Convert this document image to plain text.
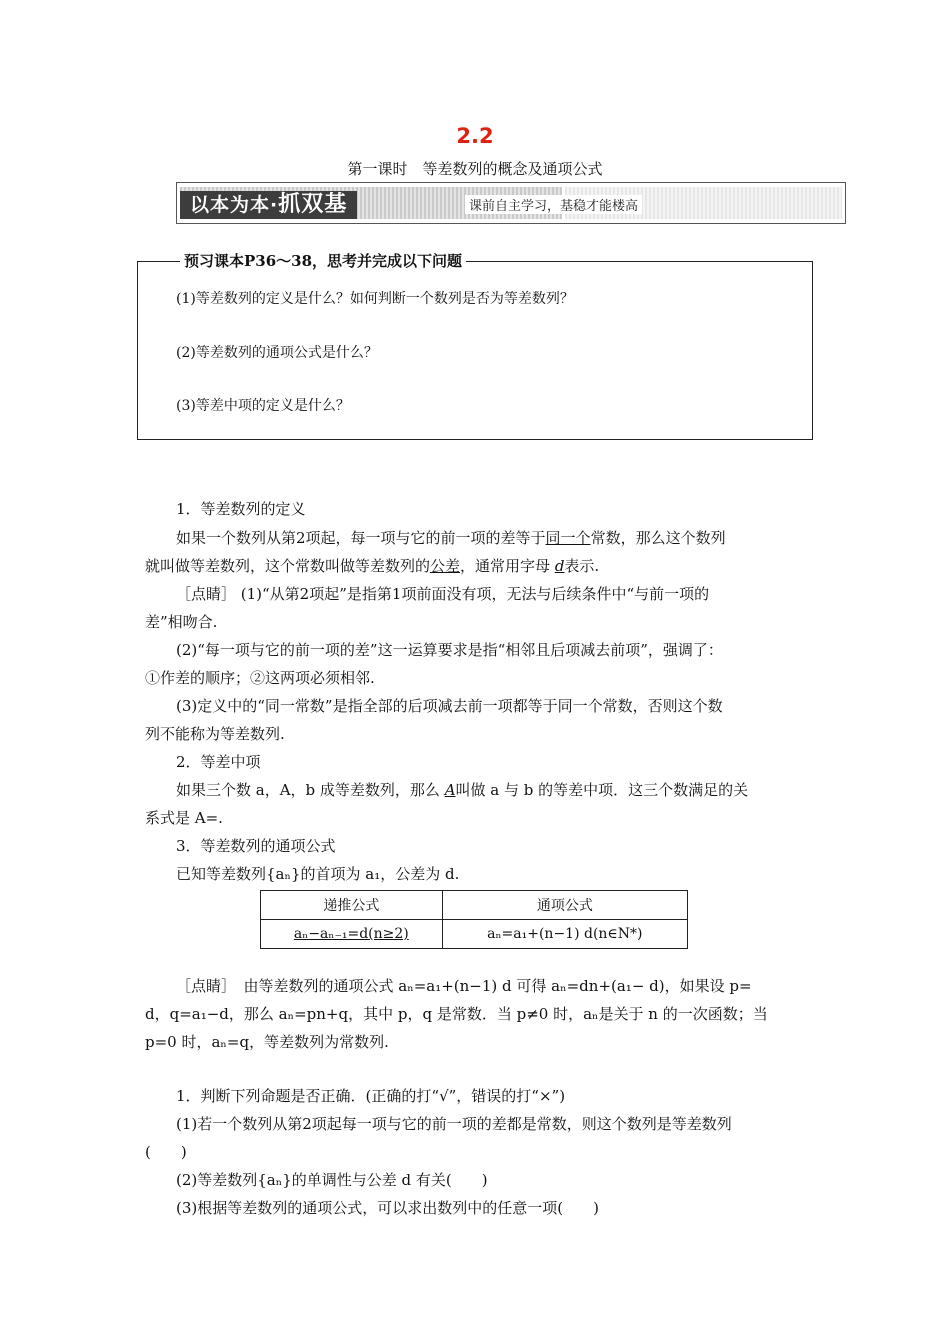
2.2
第一课时　等差数列的概念及通项公式
以本为本·抓双基	课前自主学习，基稳才能楼高
预习课本P36～38，思考并完成以下问题
(1)等差数列的定义是什么？如何判断一个数列是否为等差数列？
(2)等差数列的通项公式是什么？
(3)等差中项的定义是什么？
1．等差数列的定义
如果一个数列从第2项起，每一项与它的前一项的差等于同一个常数，那么这个数列
就叫做等差数列，这个常数叫做等差数列的公差，通常用字母 d表示.
［点睛］ (1)“从第2项起”是指第1项前面没有项，无法与后续条件中“与前一项的
差”相吻合.
(2)“每一项与它的前一项的差”这一运算要求是指“相邻且后项减去前项”，强调了：
①作差的顺序；②这两项必须相邻.
(3)定义中的“同一常数”是指全部的后项减去前一项都等于同一个常数，否则这个数
列不能称为等差数列.
2．等差中项
如果三个数 a，A，b 成等差数列，那么 A叫做 a 与 b 的等差中项．这三个数满足的关
系式是 A=.
3．等差数列的通项公式
已知等差数列{aₙ}的首项为 a₁，公差为 d.
递推公式	通项公式
aₙ−aₙ₋₁=d(n≥2)	aₙ=a₁+(n−1) d(n∈N*)
［点睛］　由等差数列的通项公式 aₙ=a₁+(n−1) d 可得 aₙ=dn+(a₁− d)，如果设 p=
d，q=a₁−d，那么 aₙ=pn+q，其中 p，q 是常数．当 p≠0 时，aₙ是关于 n 的一次函数；当
p=0 时，aₙ=q，等差数列为常数列.
1．判断下列命题是否正确．(正确的打“√”，错误的打“×”)
(1)若一个数列从第2项起每一项与它的前一项的差都是常数，则这个数列是等差数列
(　　)
(2)等差数列{aₙ}的单调性与公差 d 有关(　　)
(3)根据等差数列的通项公式，可以求出数列中的任意一项(　　)
